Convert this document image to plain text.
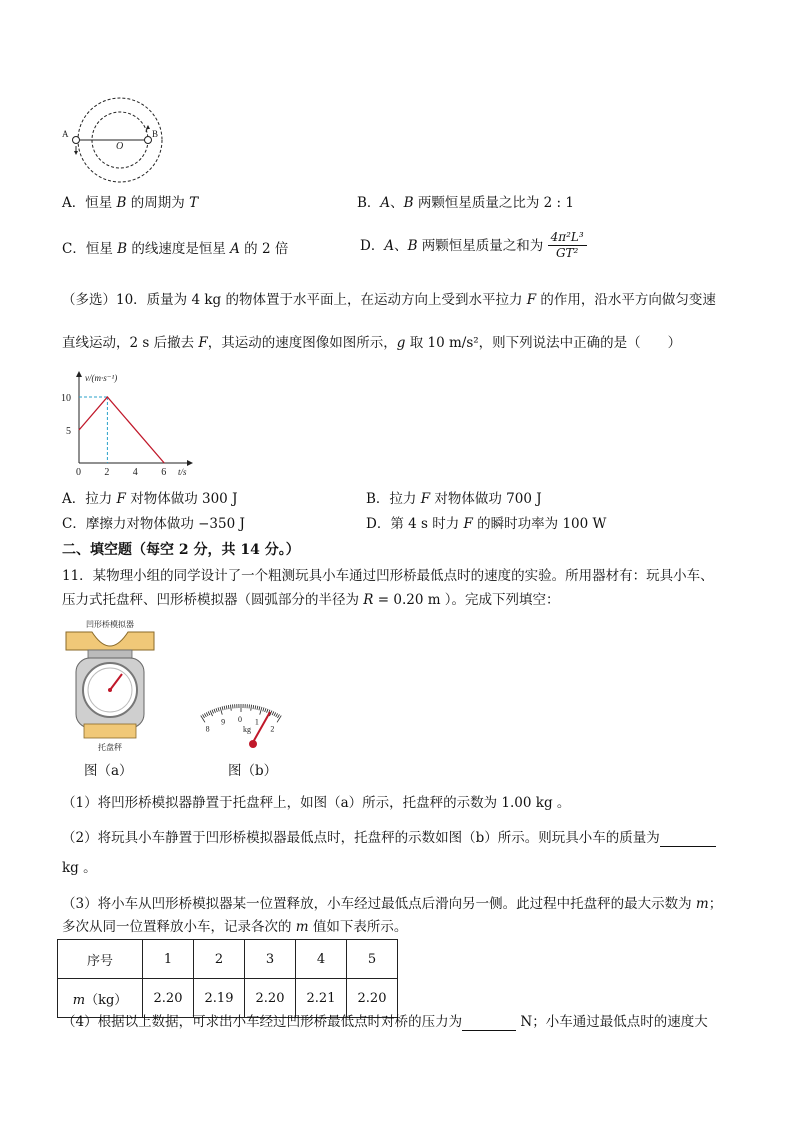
A	B
O
A．恒星 B 的周期为 T	B．A、B 两颗恒星质量之比为 2 : 1
C．恒星 B 的线速度是恒星 A 的 2 倍	D．A、B 两颗恒星质量之和为 $\frac{\text{4π²L³}}{\text{GT²}}$
（多选）10．质量为 4 kg 的物体置于水平面上，在运动方向上受到水平拉力 F 的作用，沿水平方向做匀变速
直线运动，2 s 后撤去 F，其运动的速度图像如图所示，g 取 10 m/s²，则下列说法中正确的是（　　）
v/(m·s⁻¹)
t/s
0 2 4 6
5
10
A．拉力 F 对物体做功 300 J	B．拉力 F 对物体做功 700 J
C．摩擦力对物体做功 −350 J	D．第 4 s 时力 F 的瞬时功率为 100 W
二、填空题（每空 2 分，共 14 分。）
11．某物理小组的同学设计了一个粗测玩具小车通过凹形桥最低点时的速度的实验。所用器材有：玩具小车、
压力式托盘秤、凹形桥模拟器（圆弧部分的半径为 R = 0.20 m ）。完成下列填空：
凹形桥模拟器
托盘秤
8
9 0 1
2
kg
图（a）	图（b）
（1）将凹形桥模拟器静置于托盘秤上，如图（a）所示，托盘秤的示数为 1.00 kg 。
（2）将玩具小车静置于凹形桥模拟器最低点时，托盘秤的示数如图（b）所示。则玩具小车的质量为
kg 。
（3）将小车从凹形桥模拟器某一位置释放，小车经过最低点后滑向另一侧。此过程中托盘秤的最大示数为 m；
多次从同一位置释放小车，记录各次的 m 值如下表所示。
序号	1	2	3	4	5
m（kg）	2.20	2.19	2.20	2.21	2.20
（4）根据以上数据，可求出小车经过凹形桥最低点时对桥的压力为	N；小车通过最低点时的速度大
